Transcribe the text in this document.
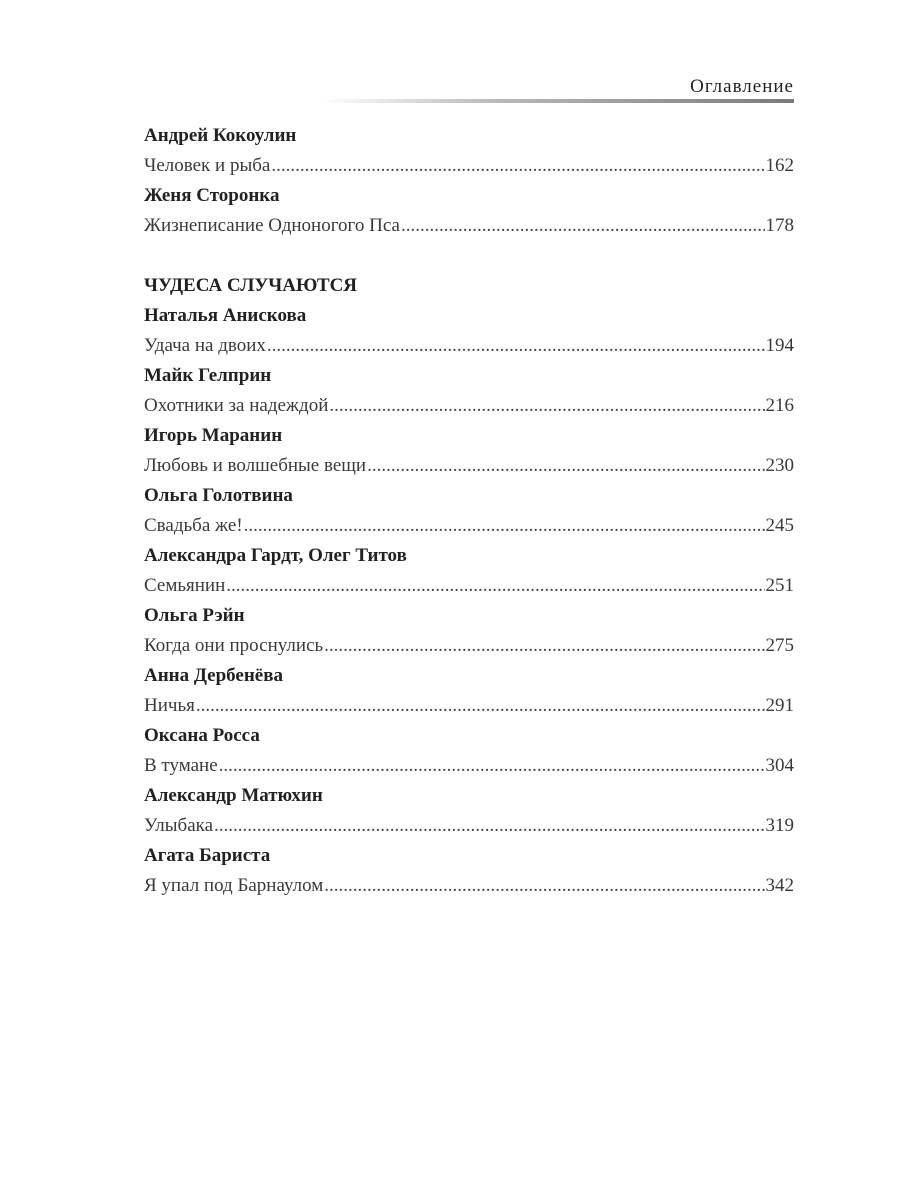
Оглавление
Андрей Кокоулин
Человек и рыба .....	162
Женя Сторонка
Жизнеписание Одноногого Пса .....	178
ЧУДЕСА СЛУЧАЮТСЯ
Наталья Анискова
Удача на двоих .....	194
Майк Гелприн
Охотники за надеждой .....	216
Игорь Маранин
Любовь и волшебные вещи .....	230
Ольга Голотвина
Свадьба же! .....	245
Александра Гардт, Олег Титов
Семьянин .....	251
Ольга Рэйн
Когда они проснулись .....	275
Анна Дербенёва
Ничья .....	291
Оксана Росса
В тумане .....	304
Александр Матюхин
Улыбака .....	319
Агата Бариста
Я упал под Барнаулом .....	342
